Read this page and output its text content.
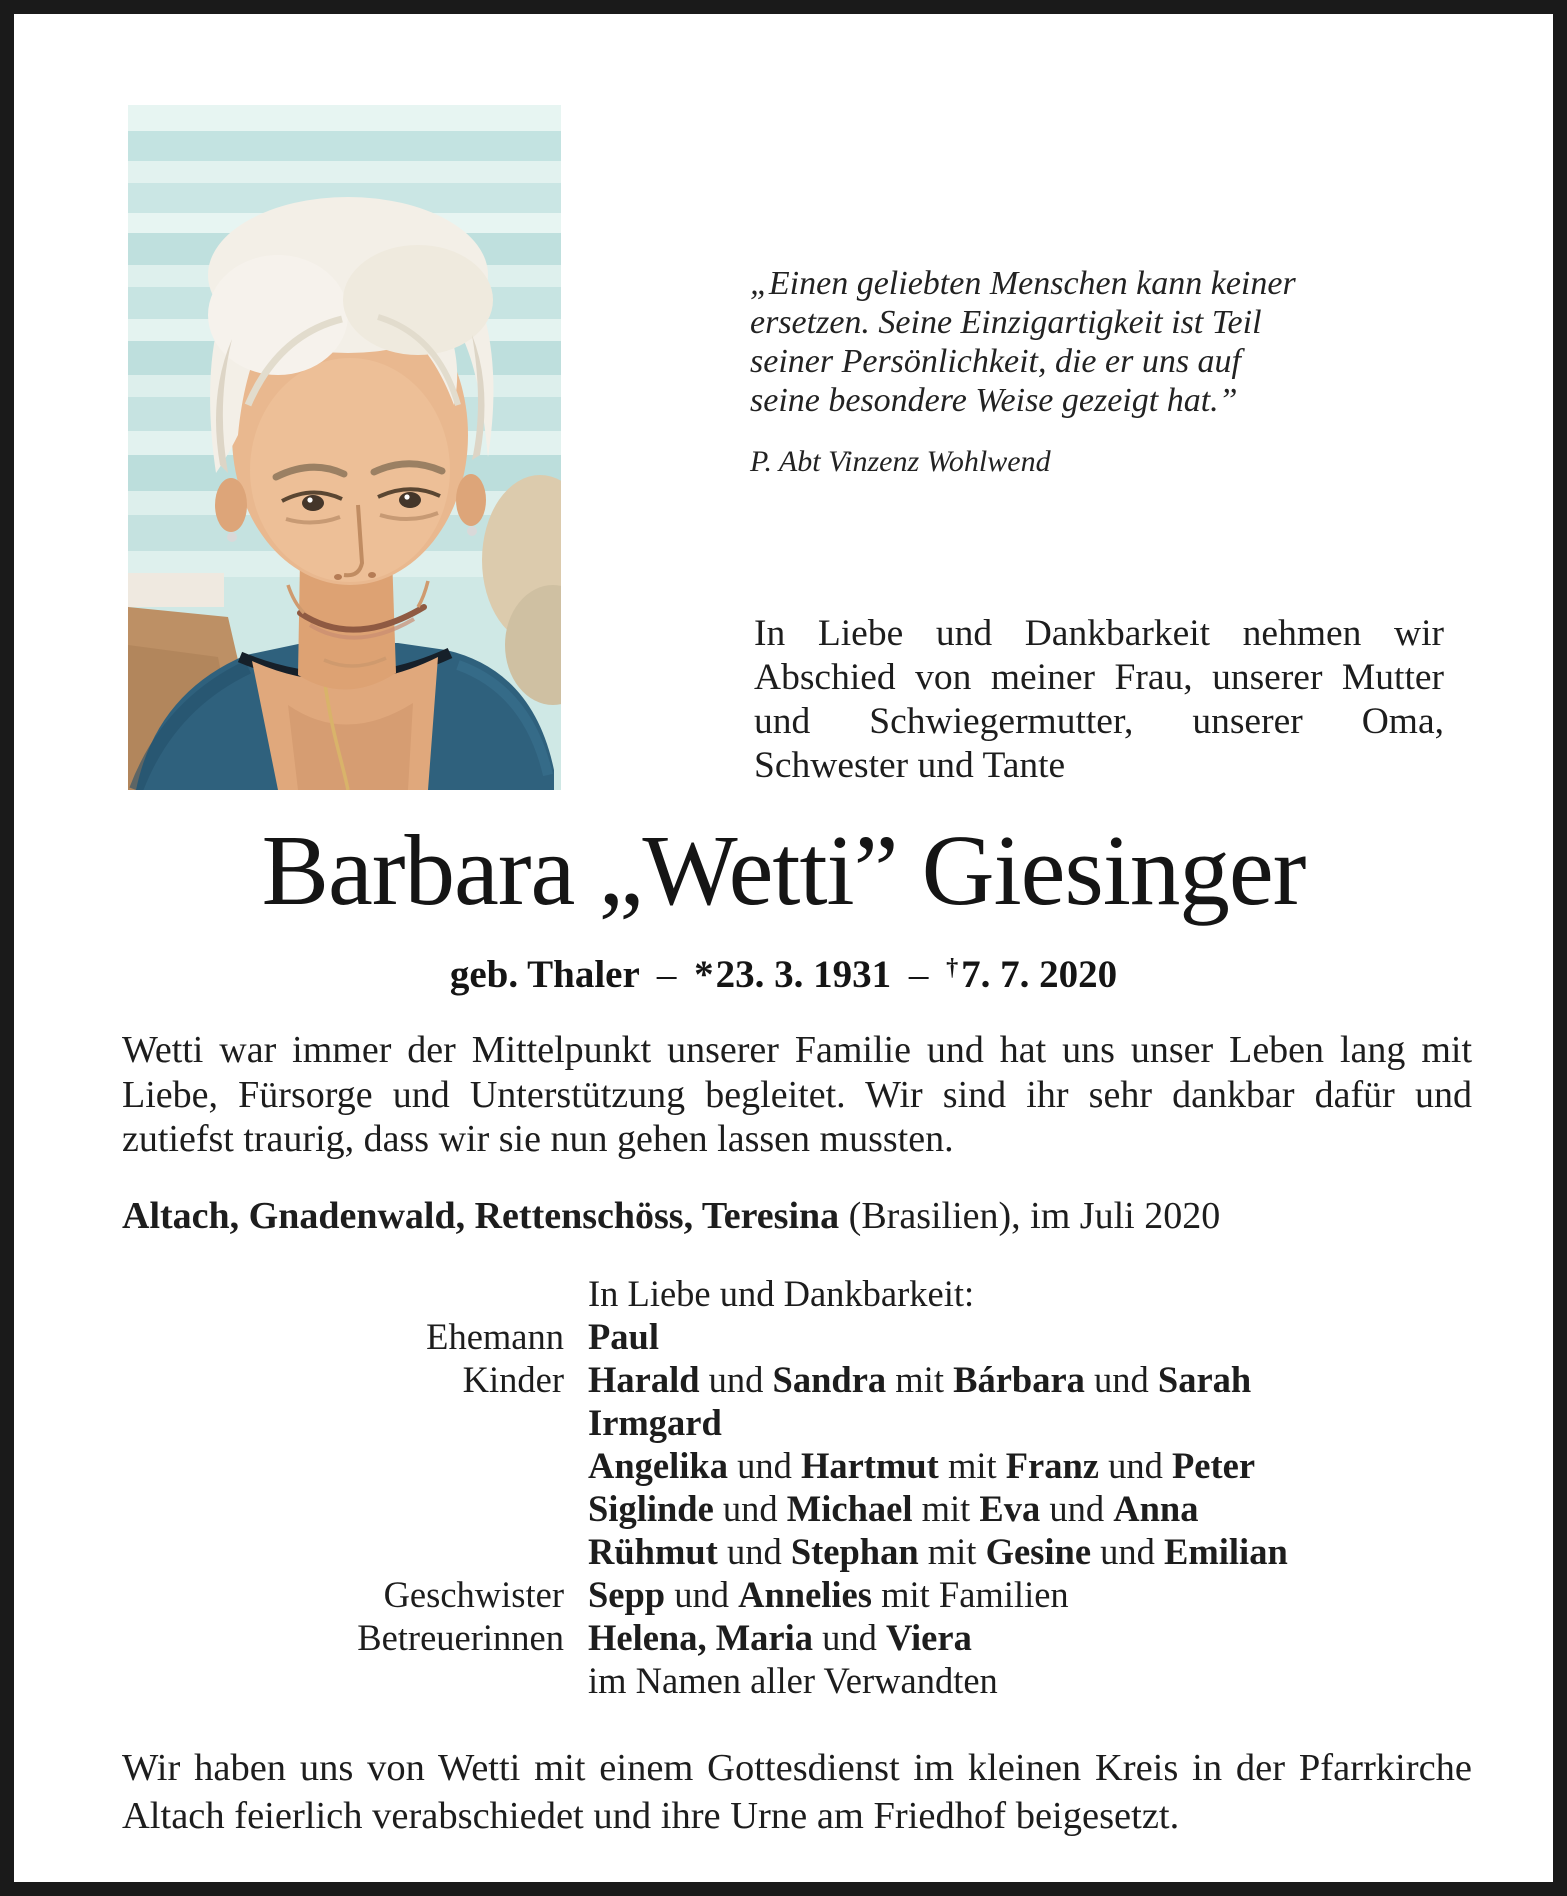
„Einen geliebten Menschen kann keiner
ersetzen. Seine Einzigartigkeit ist Teil
seiner Persönlichkeit, die er uns auf
seine besondere Weise gezeigt hat.”
P. Abt Vinzenz Wohlwend
In Liebe und Dankbarkeit nehmen wir Abschied von meiner Frau, unserer Mutter und Schwiegermutter, unserer Oma, Schwester und Tante
Barbara „Wetti” Giesinger
geb. Thaler – *23. 3. 1931 – †7. 7. 2020
Wetti war immer der Mittelpunkt unserer Familie und hat uns unser Leben lang mit Liebe, Fürsorge und Unterstützung begleitet. Wir sind ihr sehr dankbar dafür und zutiefst traurig, dass wir sie nun gehen lassen mussten.
Altach, Gnadenwald, Rettenschöss, Teresina (Brasilien), im Juli 2020
In Liebe und Dankbarkeit:
Ehemann Paul
Kinder Harald und Sandra mit Bárbara und Sarah
Irmgard
Angelika und Hartmut mit Franz und Peter
Siglinde und Michael mit Eva und Anna
Rühmut und Stephan mit Gesine und Emilian
Geschwister Sepp und Annelies mit Familien
Betreuerinnen Helena, Maria und Viera
im Namen aller Verwandten
Wir haben uns von Wetti mit einem Gottesdienst im kleinen Kreis in der Pfarrkirche Altach feierlich verabschiedet und ihre Urne am Friedhof beigesetzt.
